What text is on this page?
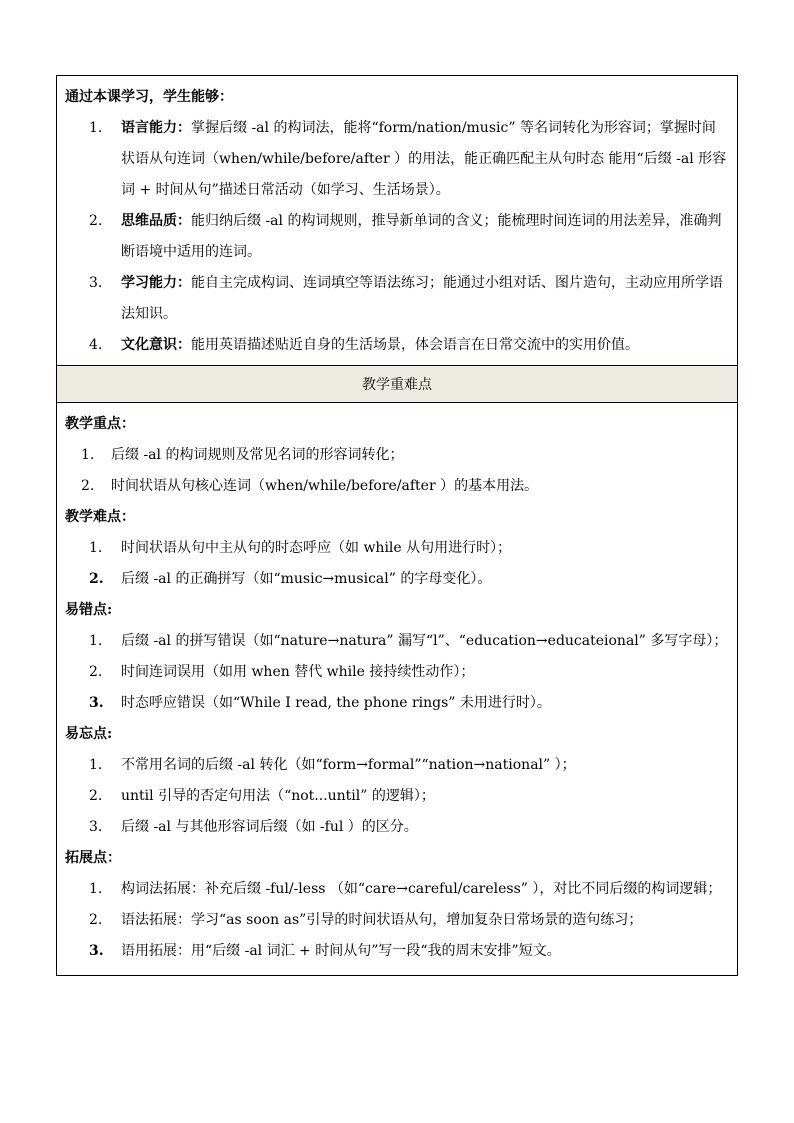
通过本课学习，学生能够：
1.	语言能力：掌握后缀 -al 的构词法，能将“form/nation/music” 等名词转化为形容词；掌握时间状语从句连词（when/while/before/after ）的用法，能正确匹配主从句时态 能用“后缀 -al 形容词 + 时间从句”描述日常活动（如学习、生活场景）。
2.	思维品质：能归纳后缀 -al 的构词规则，推导新单词的含义；能梳理时间连词的用法差异，准确判断语境中适用的连词。
3.	学习能力：能自主完成构词、连词填空等语法练习；能通过小组对话、图片造句，主动应用所学语法知识。
4.	文化意识：能用英语描述贴近自身的生活场景，体会语言在日常交流中的实用价值。
教学重难点
教学重点：
1.	后缀 -al 的构词规则及常见名词的形容词转化；
2.	时间状语从句核心连词（when/while/before/after ）的基本用法。
教学难点：
1.	时间状语从句中主从句的时态呼应（如 while 从句用进行时）；
2.	后缀 -al 的正确拼写（如“music→musical” 的字母变化）。
易错点:
1.	后缀 -al 的拼写错误（如“nature→natura” 漏写“l”、“education→educateional” 多写字母）；
2.	时间连词误用（如用 when 替代 while 接持续性动作）；
3.	时态呼应错误（如“While I read, the phone rings” 未用进行时）。
易忘点:
1.	不常用名词的后缀 -al 转化（如“form→formal”“nation→national” ）；
2.	until 引导的否定句用法（“not...until” 的逻辑）；
3.	后缀 -al 与其他形容词后缀（如 -ful ）的区分。
拓展点：
1.	构词法拓展：补充后缀 -ful/-less （如“care→careful/careless” ），对比不同后缀的构词逻辑；
2.	语法拓展：学习“as soon as”引导的时间状语从句，增加复杂日常场景的造句练习；
3.	语用拓展：用“后缀 -al 词汇 + 时间从句”写一段“我的周末安排”短文。
